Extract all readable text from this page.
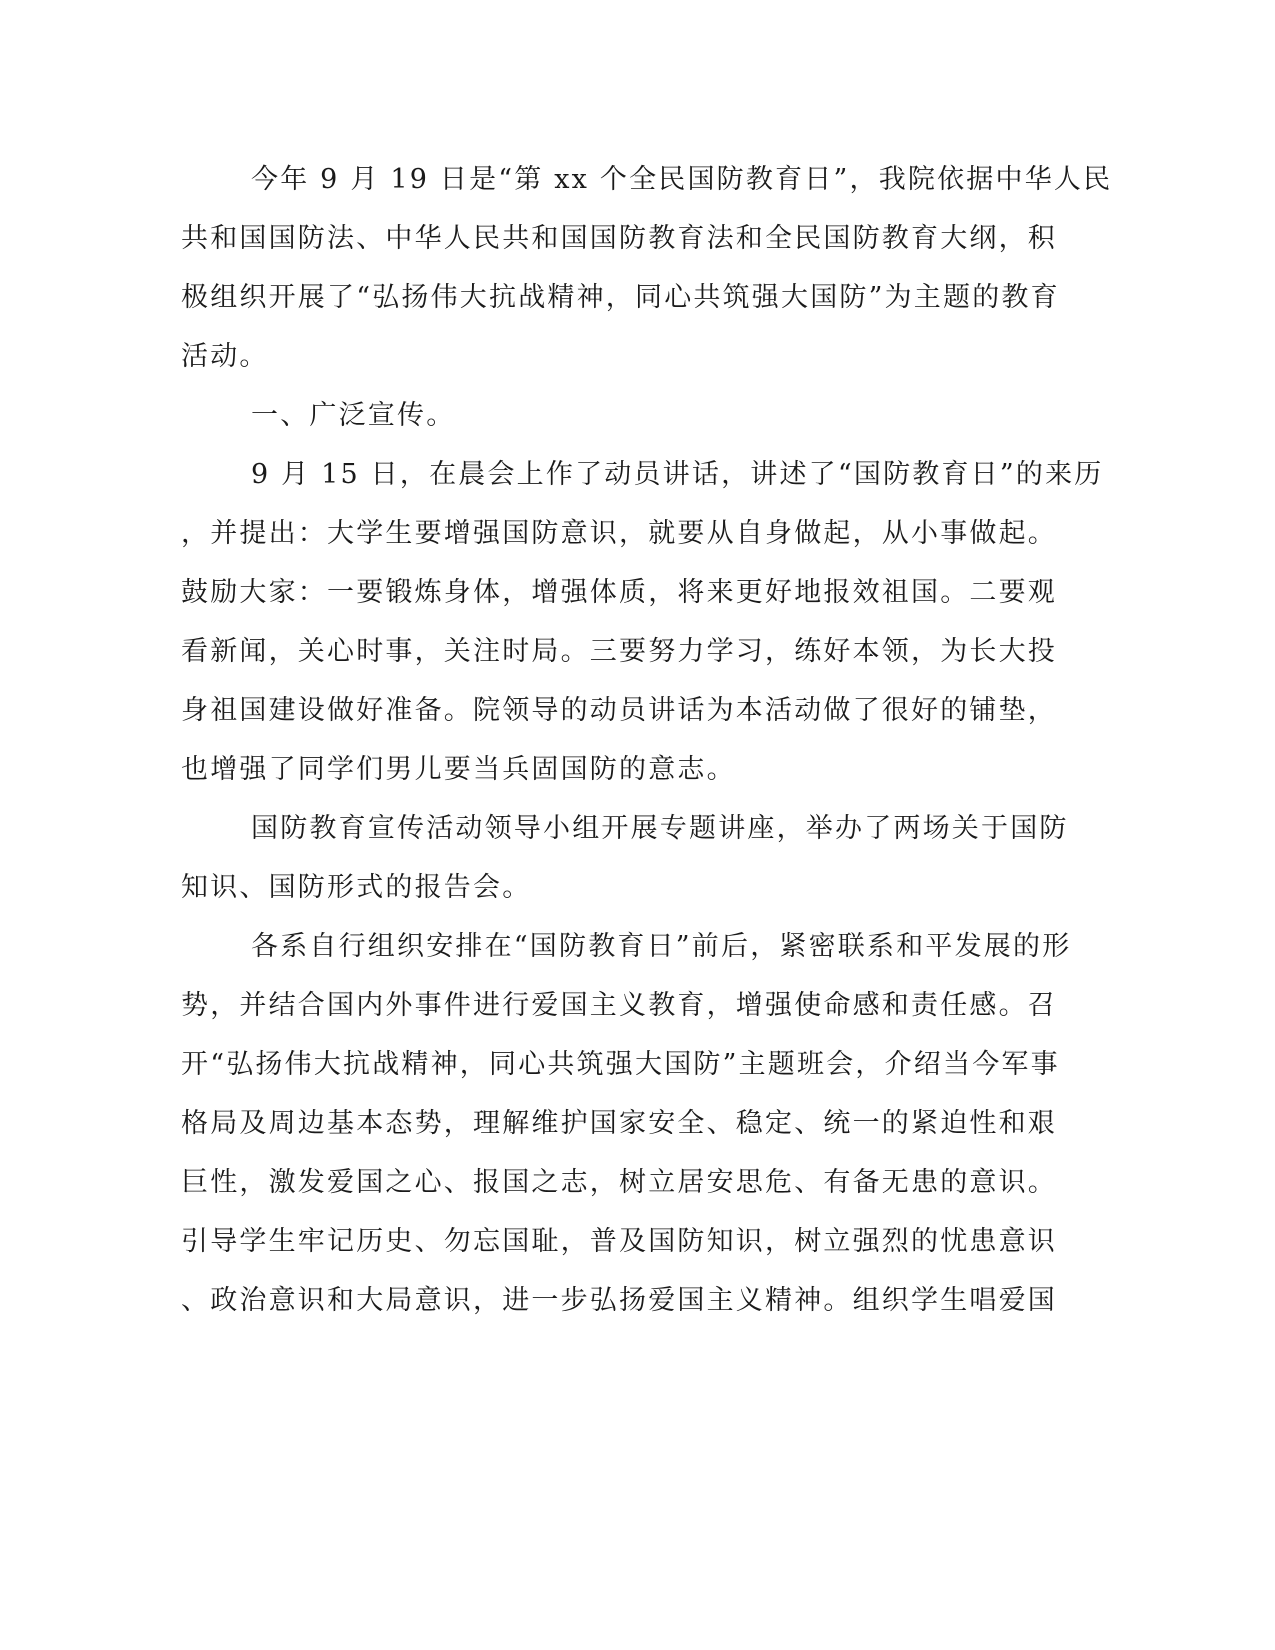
今年 9 月 19 日是“第 xx 个全民国防教育日”，我院依据中华人民
共和国国防法、中华人民共和国国防教育法和全民国防教育大纲，积
极组织开展了“弘扬伟大抗战精神，同心共筑强大国防”为主题的教育
活动。
一、广泛宣传。
9 月 15 日，在晨会上作了动员讲话，讲述了“国防教育日”的来历
，并提出：大学生要增强国防意识，就要从自身做起，从小事做起。
鼓励大家：一要锻炼身体，增强体质，将来更好地报效祖国。二要观
看新闻，关心时事，关注时局。三要努力学习，练好本领，为长大投
身祖国建设做好准备。院领导的动员讲话为本活动做了很好的铺垫，
也增强了同学们男儿要当兵固国防的意志。
国防教育宣传活动领导小组开展专题讲座，举办了两场关于国防
知识、国防形式的报告会。
各系自行组织安排在“国防教育日”前后，紧密联系和平发展的形
势，并结合国内外事件进行爱国主义教育，增强使命感和责任感。召
开“弘扬伟大抗战精神，同心共筑强大国防”主题班会，介绍当今军事
格局及周边基本态势，理解维护国家安全、稳定、统一的紧迫性和艰
巨性，激发爱国之心、报国之志，树立居安思危、有备无患的意识。
引导学生牢记历史、勿忘国耻，普及国防知识，树立强烈的忧患意识
、政治意识和大局意识，进一步弘扬爱国主义精神。组织学生唱爱国
